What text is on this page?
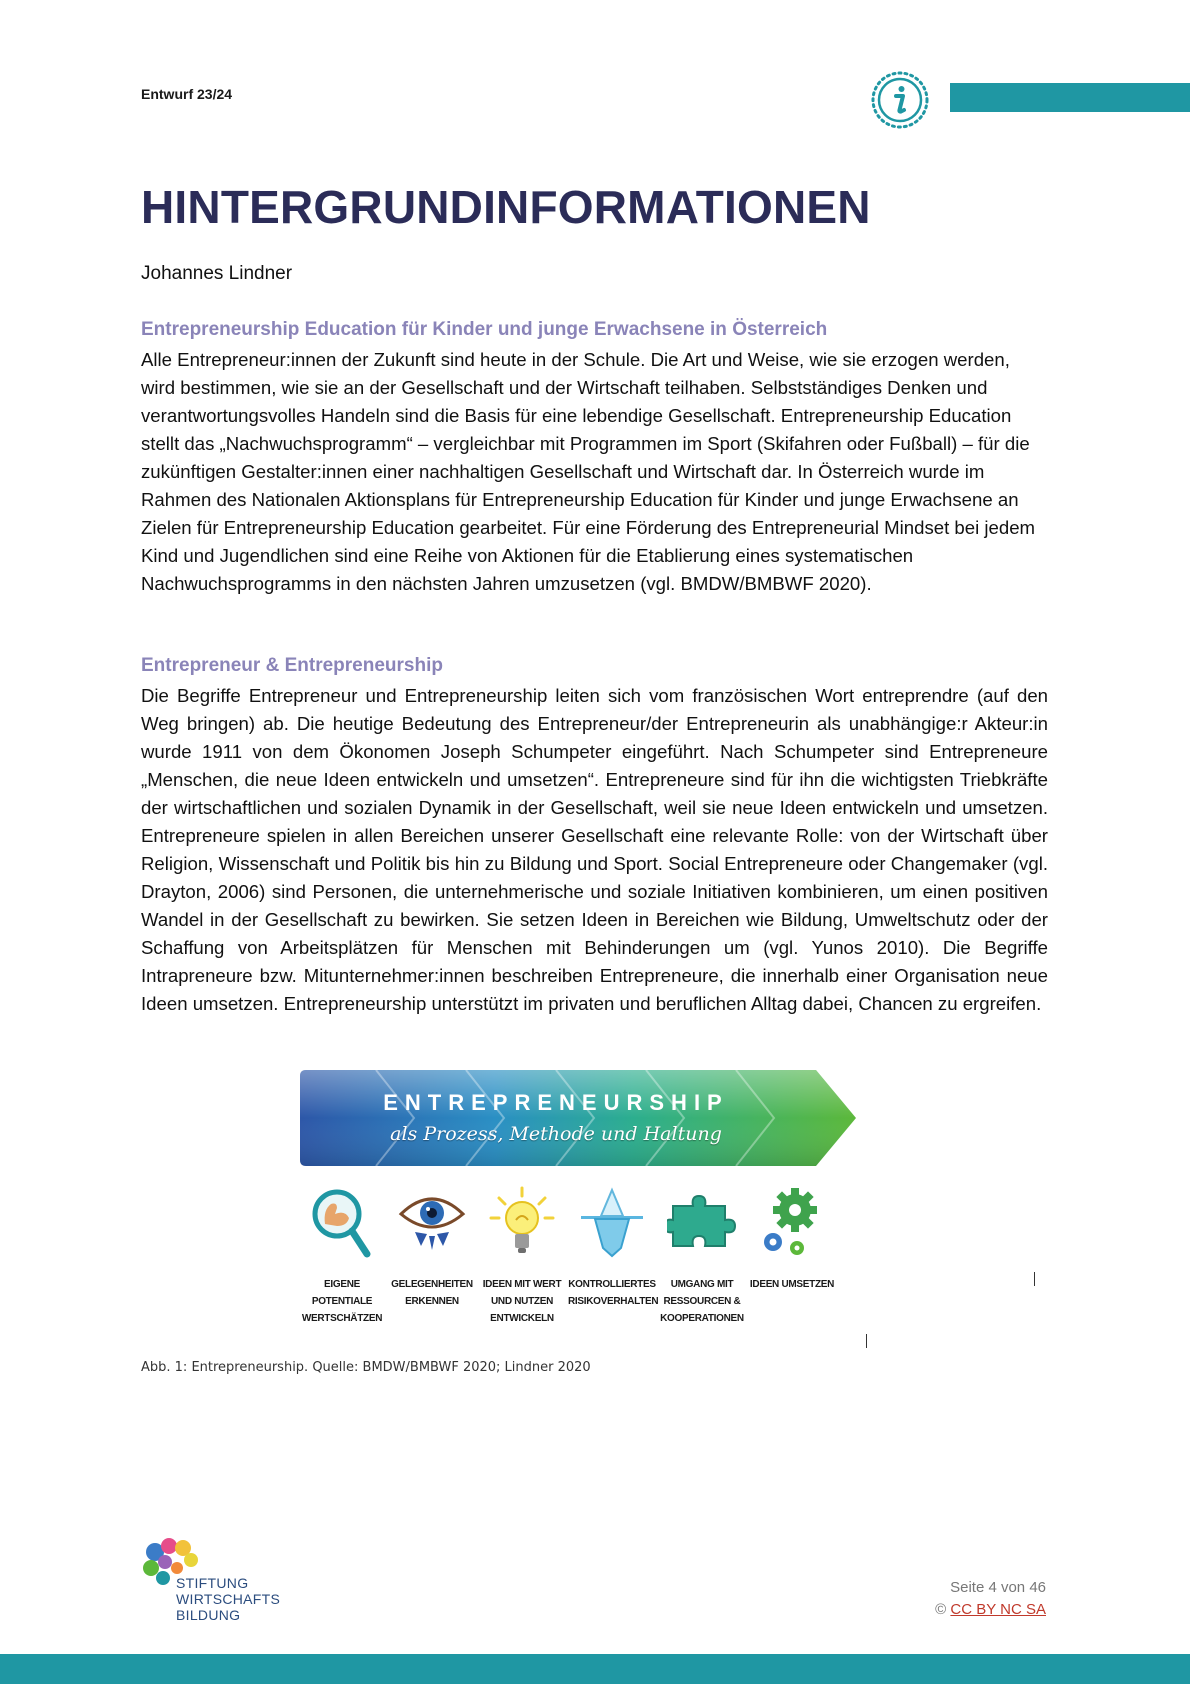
Entwurf 23/24
HINTERGRUNDINFORMATIONEN
Johannes Lindner
Entrepreneurship Education für Kinder und junge Erwachsene in Österreich

Alle Entrepreneur:innen der Zukunft sind heute in der Schule. Die Art und Weise, wie sie erzogen werden, wird bestimmen, wie sie an der Gesellschaft und der Wirtschaft teilhaben. Selbstständiges Denken und verantwortungsvolles Handeln sind die Basis für eine lebendige Gesellschaft. Entrepreneurship Education stellt das „Nachwuchsprogramm“ – vergleichbar mit Programmen im Sport (Skifahren oder Fußball) – für die zukünftigen Gestalter:innen einer nachhaltigen Gesellschaft und Wirtschaft dar. In Österreich wurde im Rahmen des Nationalen Aktionsplans für Entrepreneurship Education für Kinder und junge Erwachsene an Zielen für Entrepreneurship Education gearbeitet. Für eine Förderung des Entrepreneurial Mindset bei jedem Kind und Jugendlichen sind eine Reihe von Aktionen für die Etablierung eines systematischen Nachwuchsprogramms in den nächsten Jahren umzusetzen (vgl. BMDW/BMBWF 2020).

Entrepreneur & Entrepreneurship

Die Begriffe Entrepreneur und Entrepreneurship leiten sich vom französischen Wort entreprendre (auf den Weg bringen) ab. Die heutige Bedeutung des Entrepreneur/der Entrepreneurin als unabhängige:r Akteur:in wurde 1911 von dem Ökonomen Joseph Schumpeter eingeführt. Nach Schumpeter sind Entrepreneure „Menschen, die neue Ideen entwickeln und umsetzen“. Entrepreneure sind für ihn die wichtigsten Triebkräfte der wirtschaftlichen und sozialen Dynamik in der Gesellschaft, weil sie neue Ideen entwickeln und umsetzen. Entrepreneure spielen in allen Bereichen unserer Gesellschaft eine relevante Rolle: von der Wirtschaft über Religion, Wissenschaft und Politik bis hin zu Bildung und Sport. Social Entrepreneure oder Changemaker (vgl. Drayton, 2006) sind Personen, die unternehmerische und soziale Initiativen kombinieren, um einen positiven Wandel in der Gesellschaft zu bewirken. Sie setzen Ideen in Bereichen wie Bildung, Umweltschutz oder der Schaffung von Arbeitsplätzen für Menschen mit Behinderungen um (vgl. Yunos 2010). Die Begriffe Intrapreneure bzw. Mitunternehmer:innen beschreiben Entrepreneure, die innerhalb einer Organisation neue Ideen umsetzen. Entrepreneurship unterstützt im privaten und beruflichen Alltag dabei, Chancen zu ergreifen.

ENTREPRENEURSHIP
als Prozess, Methode und Haltung
EIGENE POTENTIALE WERTSCHÄTZEN
GELEGENHEITEN ERKENNEN
IDEEN MIT WERT UND NUTZEN ENTWICKELN
KONTROLLIERTES RISIKOVERHALTEN
UMGANG MIT RESSOURCEN & KOOPERATIONEN
IDEEN UMSETZEN
Abb. 1: Entrepreneurship. Quelle: BMDW/BMBWF 2020; Lindner 2020
STIFTUNG
WIRTSCHAFTS
BILDUNG
Seite 4 von 46
© CC BY NC SA
